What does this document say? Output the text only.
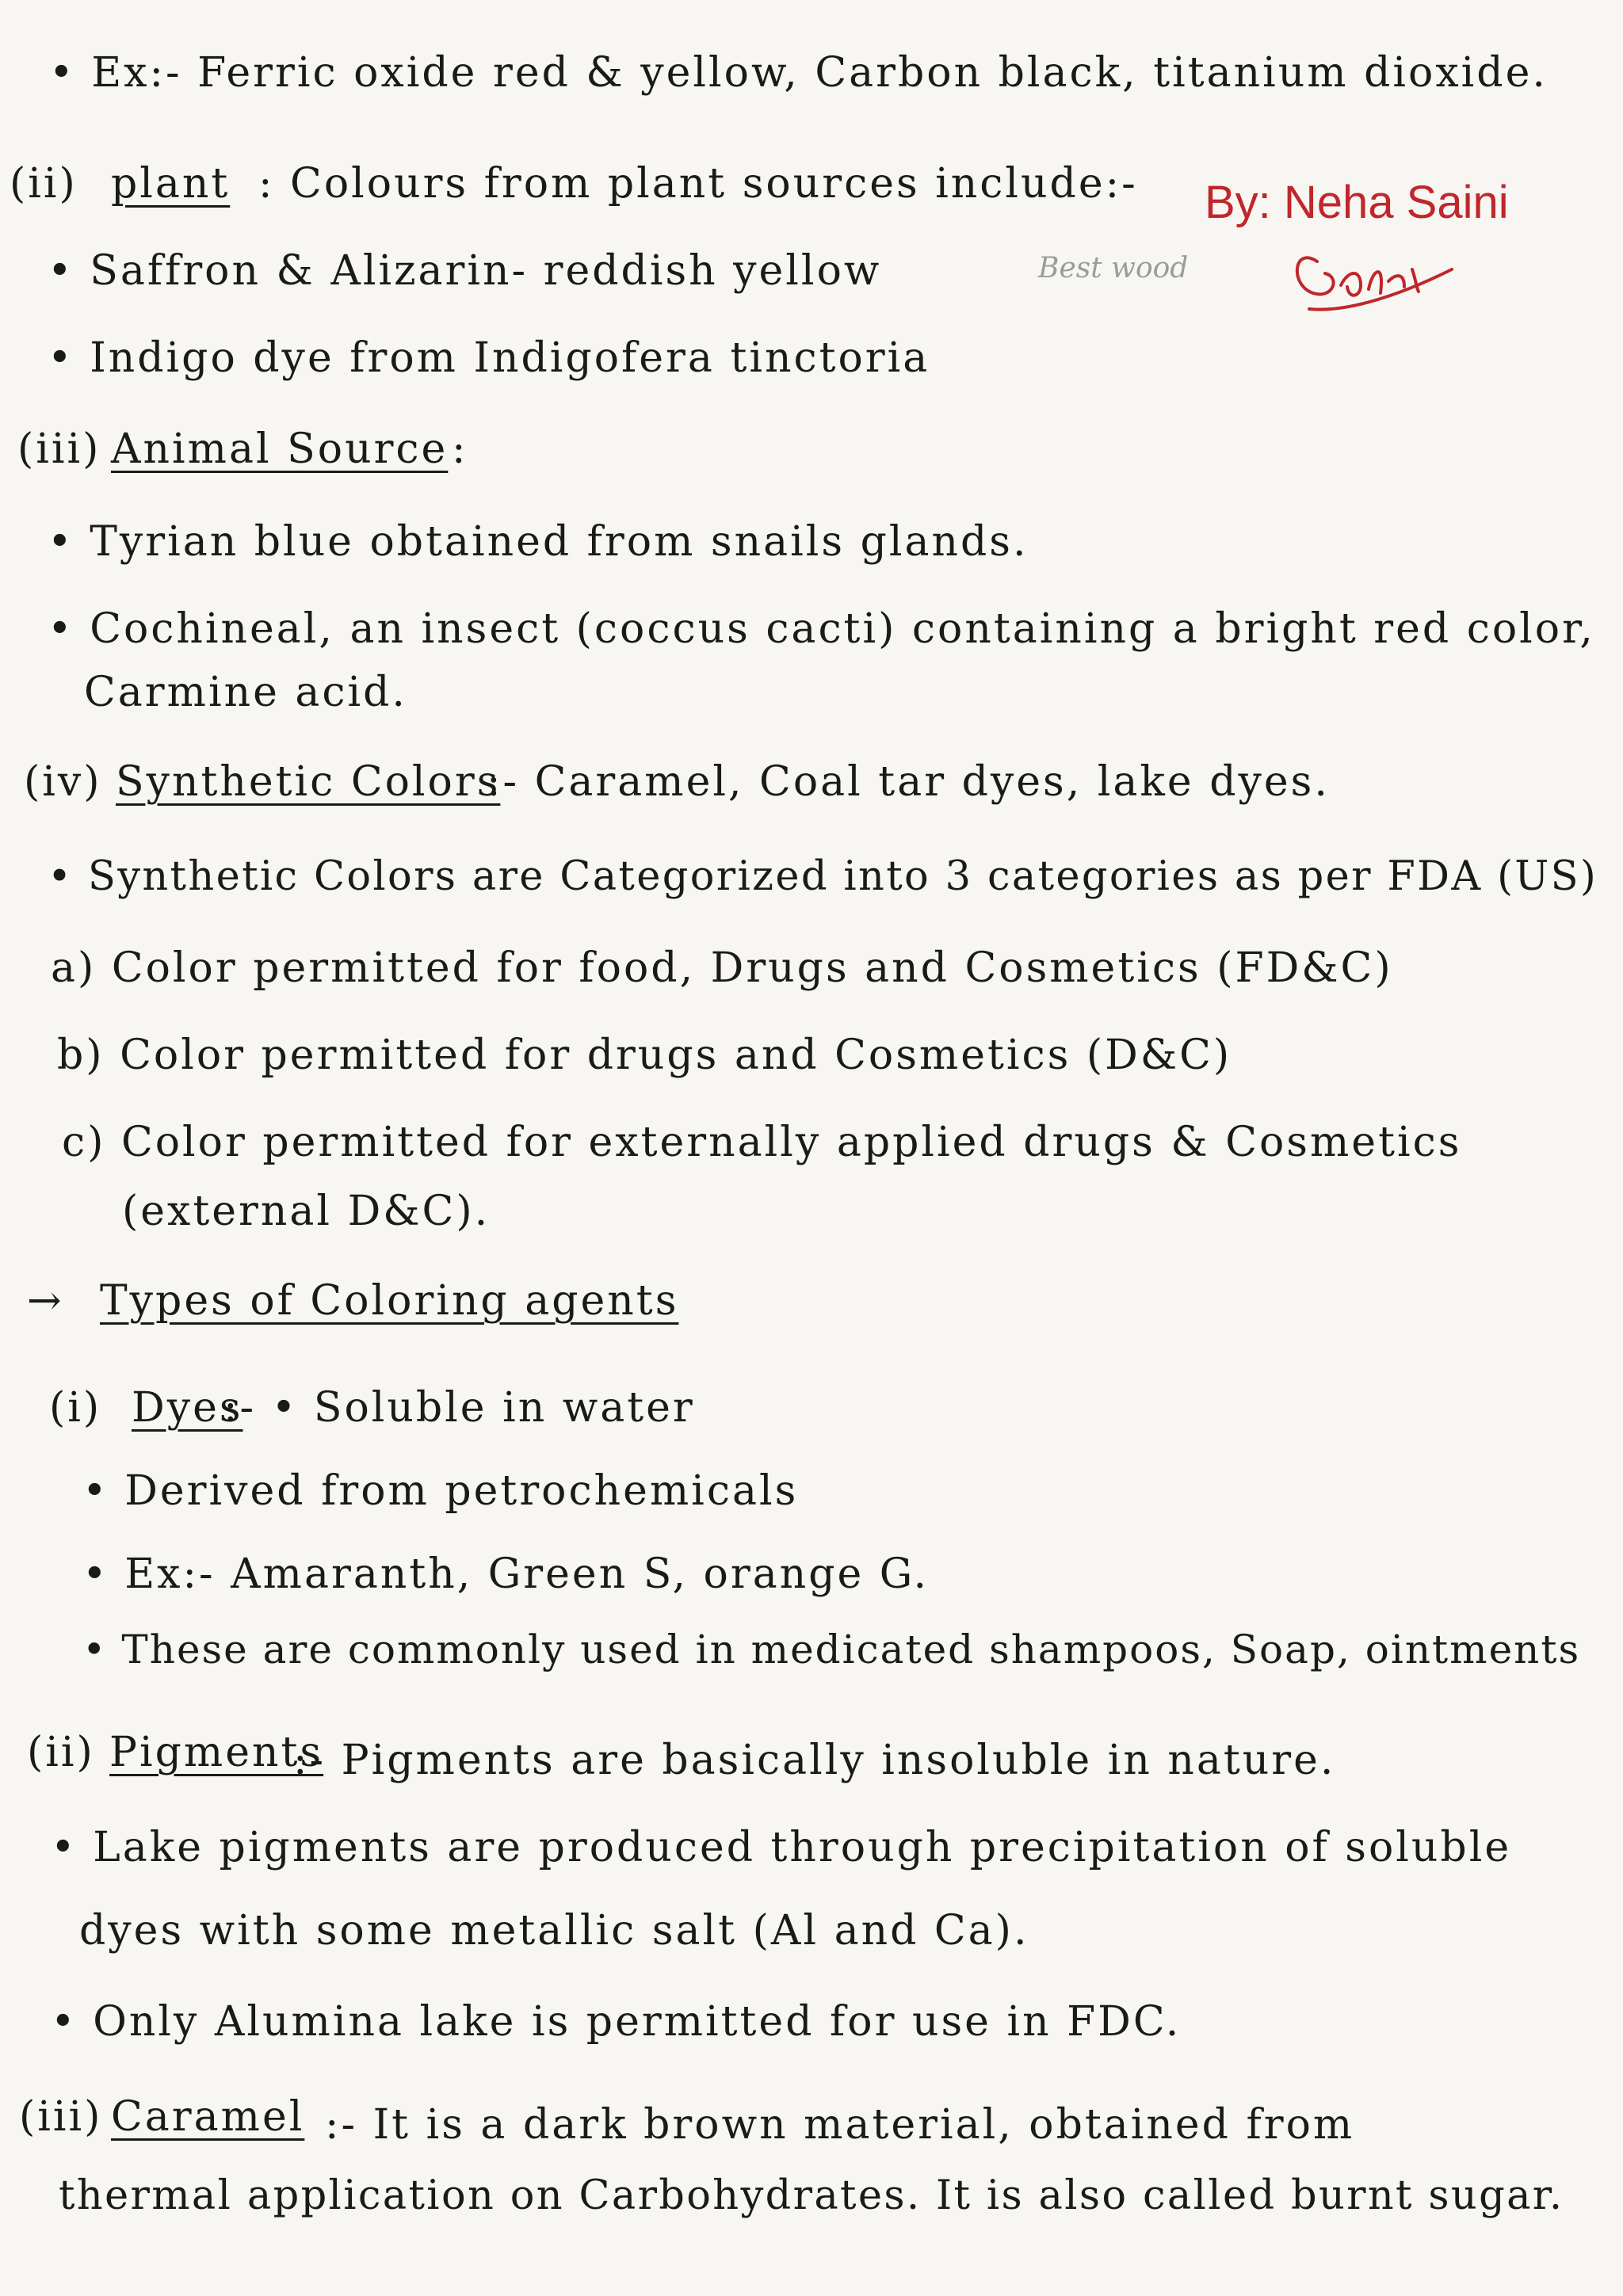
By: Neha Saini
Best wood
• Ex:- Ferric oxide red & yellow, Carbon black, titanium dioxide.
(ii) plant : Colours from plant sources include:-
• Saffron & Alizarin- reddish yellow
• Indigo dye from Indigofera tinctoria
(iii) Animal Source :
• Tyrian blue obtained from snails glands.
• Cochineal, an insect (coccus cacti) containing a bright red color,
Carmine acid.
(iv) Synthetic Colors
:- Caramel, Coal tar dyes, lake dyes.
• Synthetic Colors are Categorized into 3 categories as per FDA (US)
a) Color permitted for food, Drugs and Cosmetics (FD&C)
b) Color permitted for drugs and Cosmetics (D&C)
c) Color permitted for externally applied drugs & Cosmetics
(external D&C).
→ Types of Coloring agents
(i) Dyes
:- • Soluble in water
• Derived from petrochemicals
• Ex:- Amaranth, Green S, orange G.
• These are commonly used in medicated shampoos, Soap, ointments
(ii) Pigments
:- Pigments are basically insoluble in nature.
• Lake pigments are produced through precipitation of soluble
dyes with some metallic salt (Al and Ca).
• Only Alumina lake is permitted for use in FDC.
(iii) Caramel :- It is a dark brown material, obtained from
thermal application on Carbohydrates. It is also called burnt sugar.
